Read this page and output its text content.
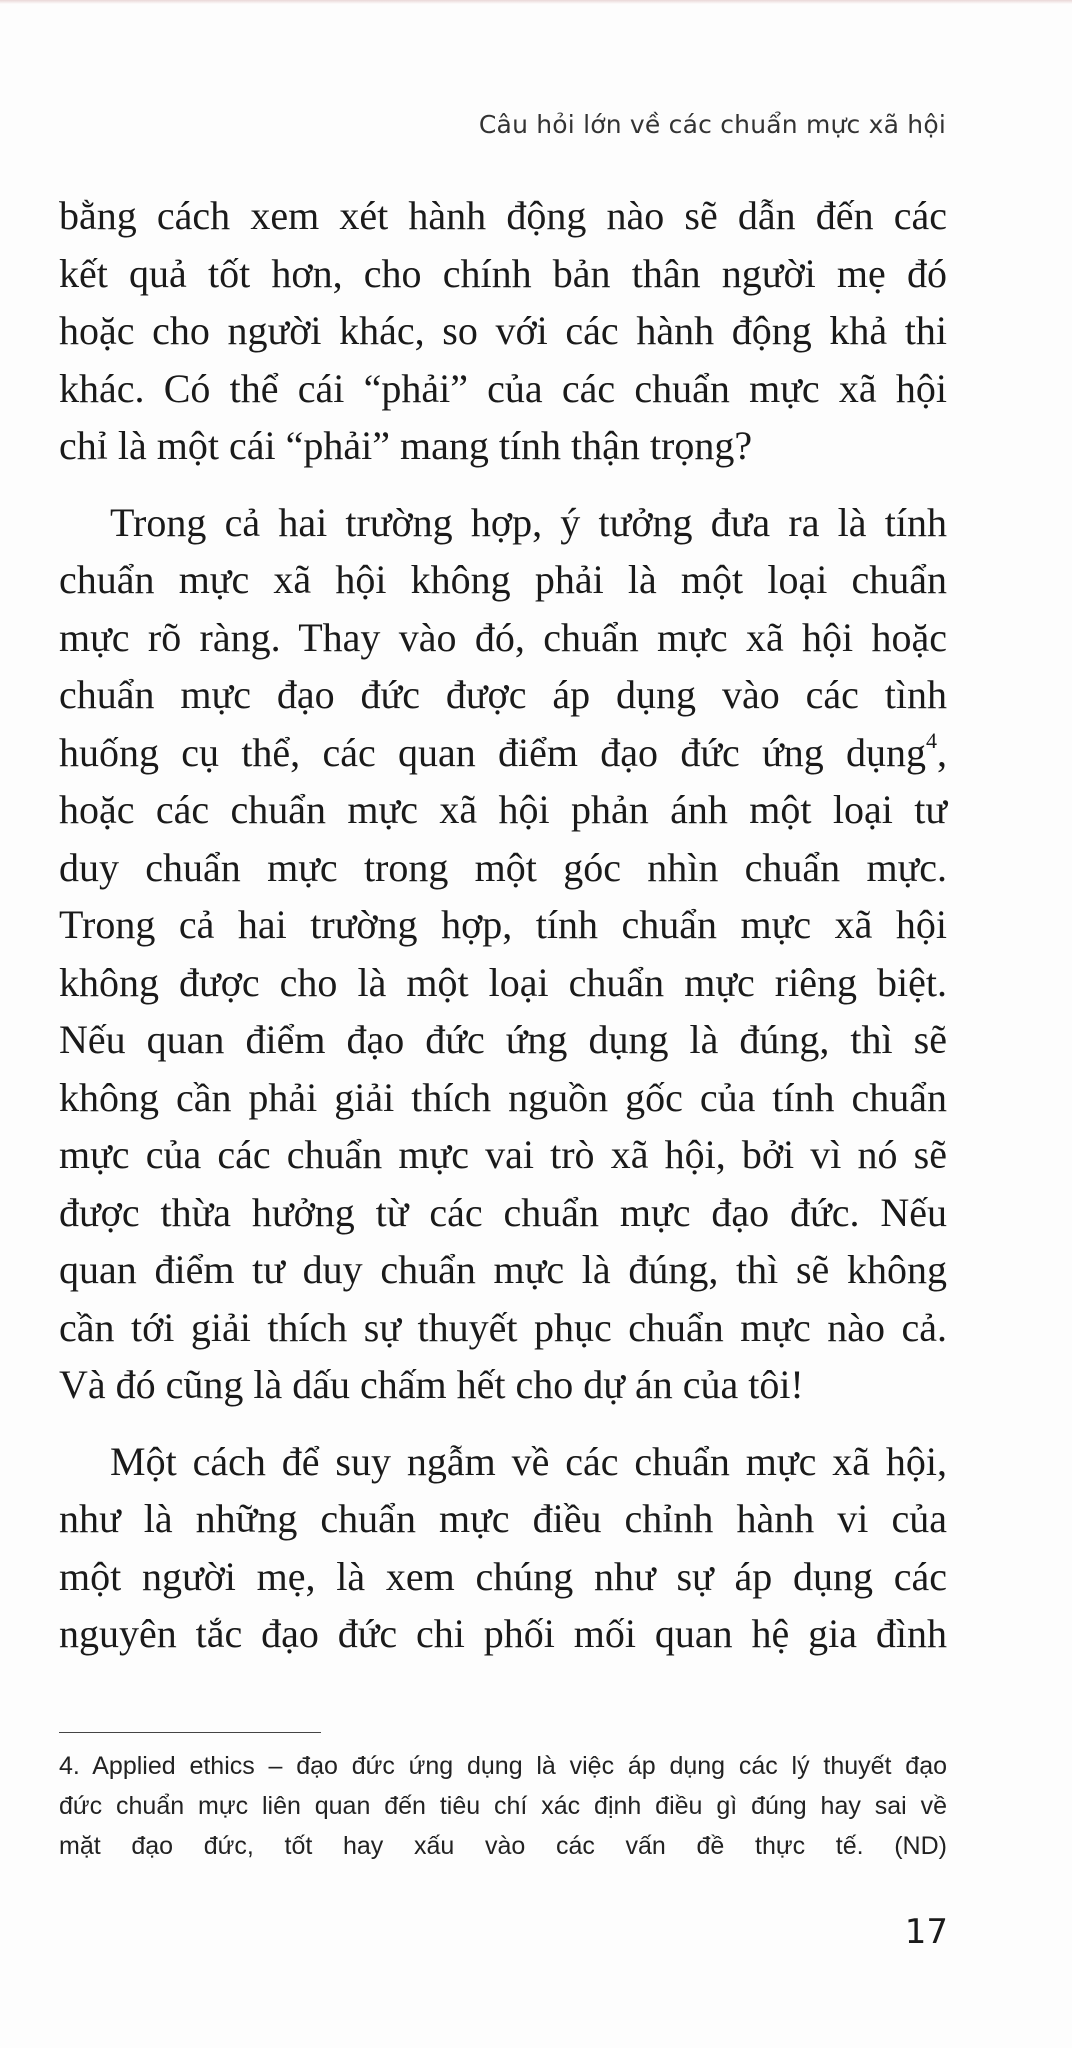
Câu hỏi lớn về các chuẩn mực xã hội

bằng cách xem xét hành động nào sẽ dẫn đến các
kết quả tốt hơn, cho chính bản thân người mẹ đó
hoặc cho người khác, so với các hành động khả thi
khác. Có thể cái “phải” của các chuẩn mực xã hội
chỉ là một cái “phải” mang tính thận trọng?

Trong cả hai trường hợp, ý tưởng đưa ra là tính
chuẩn mực xã hội không phải là một loại chuẩn
mực rõ ràng. Thay vào đó, chuẩn mực xã hội hoặc
chuẩn mực đạo đức được áp dụng vào các tình
huống cụ thể, các quan điểm đạo đức ứng dụng$^4$,
hoặc các chuẩn mực xã hội phản ánh một loại tư
duy chuẩn mực trong một góc nhìn chuẩn mực.
Trong cả hai trường hợp, tính chuẩn mực xã hội
không được cho là một loại chuẩn mực riêng biệt.
Nếu quan điểm đạo đức ứng dụng là đúng, thì sẽ
không cần phải giải thích nguồn gốc của tính chuẩn
mực của các chuẩn mực vai trò xã hội, bởi vì nó sẽ
được thừa hưởng từ các chuẩn mực đạo đức. Nếu
quan điểm tư duy chuẩn mực là đúng, thì sẽ không
cần tới giải thích sự thuyết phục chuẩn mực nào cả.
Và đó cũng là dấu chấm hết cho dự án của tôi!

Một cách để suy ngẫm về các chuẩn mực xã hội,
như là những chuẩn mực điều chỉnh hành vi của
một người mẹ, là xem chúng như sự áp dụng các
nguyên tắc đạo đức chi phối mối quan hệ gia đình

4. Applied ethics – đạo đức ứng dụng là việc áp dụng các lý thuyết đạo
đức chuẩn mực liên quan đến tiêu chí xác định điều gì đúng hay sai về
mặt đạo đức, tốt hay xấu vào các vấn đề thực tế. (ND)
17
